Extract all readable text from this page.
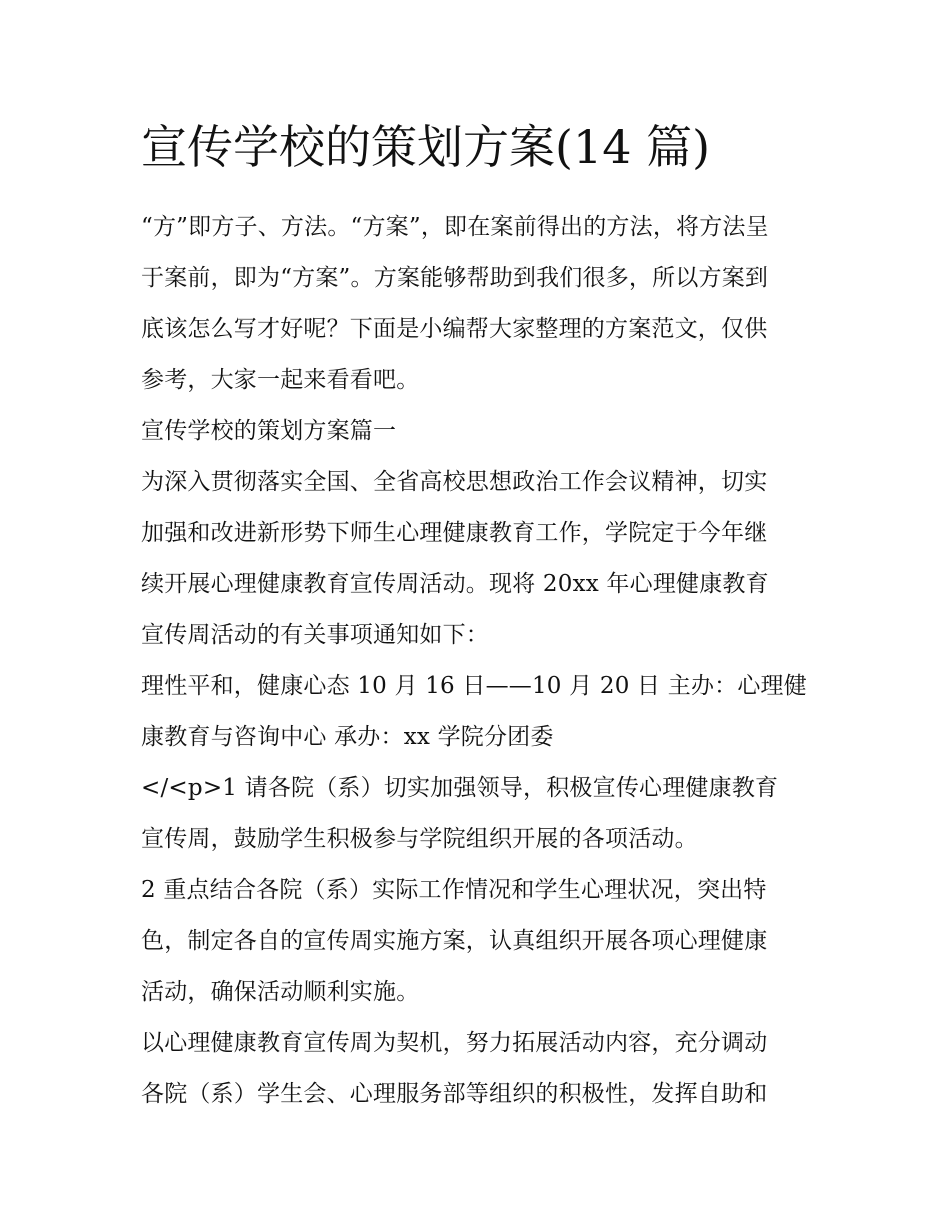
宣传学校的策划方案(14 篇)
“方”即方子、方法。“方案”，即在案前得出的方法，将方法呈
于案前，即为“方案”。方案能够帮助到我们很多，所以方案到
底该怎么写才好呢？下面是小编帮大家整理的方案范文，仅供
参考，大家一起来看看吧。
宣传学校的策划方案篇一
为深入贯彻落实全国、全省高校思想政治工作会议精神，切实
加强和改进新形势下师生心理健康教育工作，学院定于今年继
续开展心理健康教育宣传周活动。现将 20xx 年心理健康教育
宣传周活动的有关事项通知如下：
理性平和，健康心态 10 月 16 日——10 月 20 日 主办：心理健
康教育与咨询中心 承办：xx 学院分团委
</<p>1 请各院（系）切实加强领导，积极宣传心理健康教育
宣传周，鼓励学生积极参与学院组织开展的各项活动。
2 重点结合各院（系）实际工作情况和学生心理状况，突出特
色，制定各自的宣传周实施方案，认真组织开展各项心理健康
活动，确保活动顺利实施。
以心理健康教育宣传周为契机，努力拓展活动内容，充分调动
各院（系）学生会、心理服务部等组织的积极性，发挥自助和
